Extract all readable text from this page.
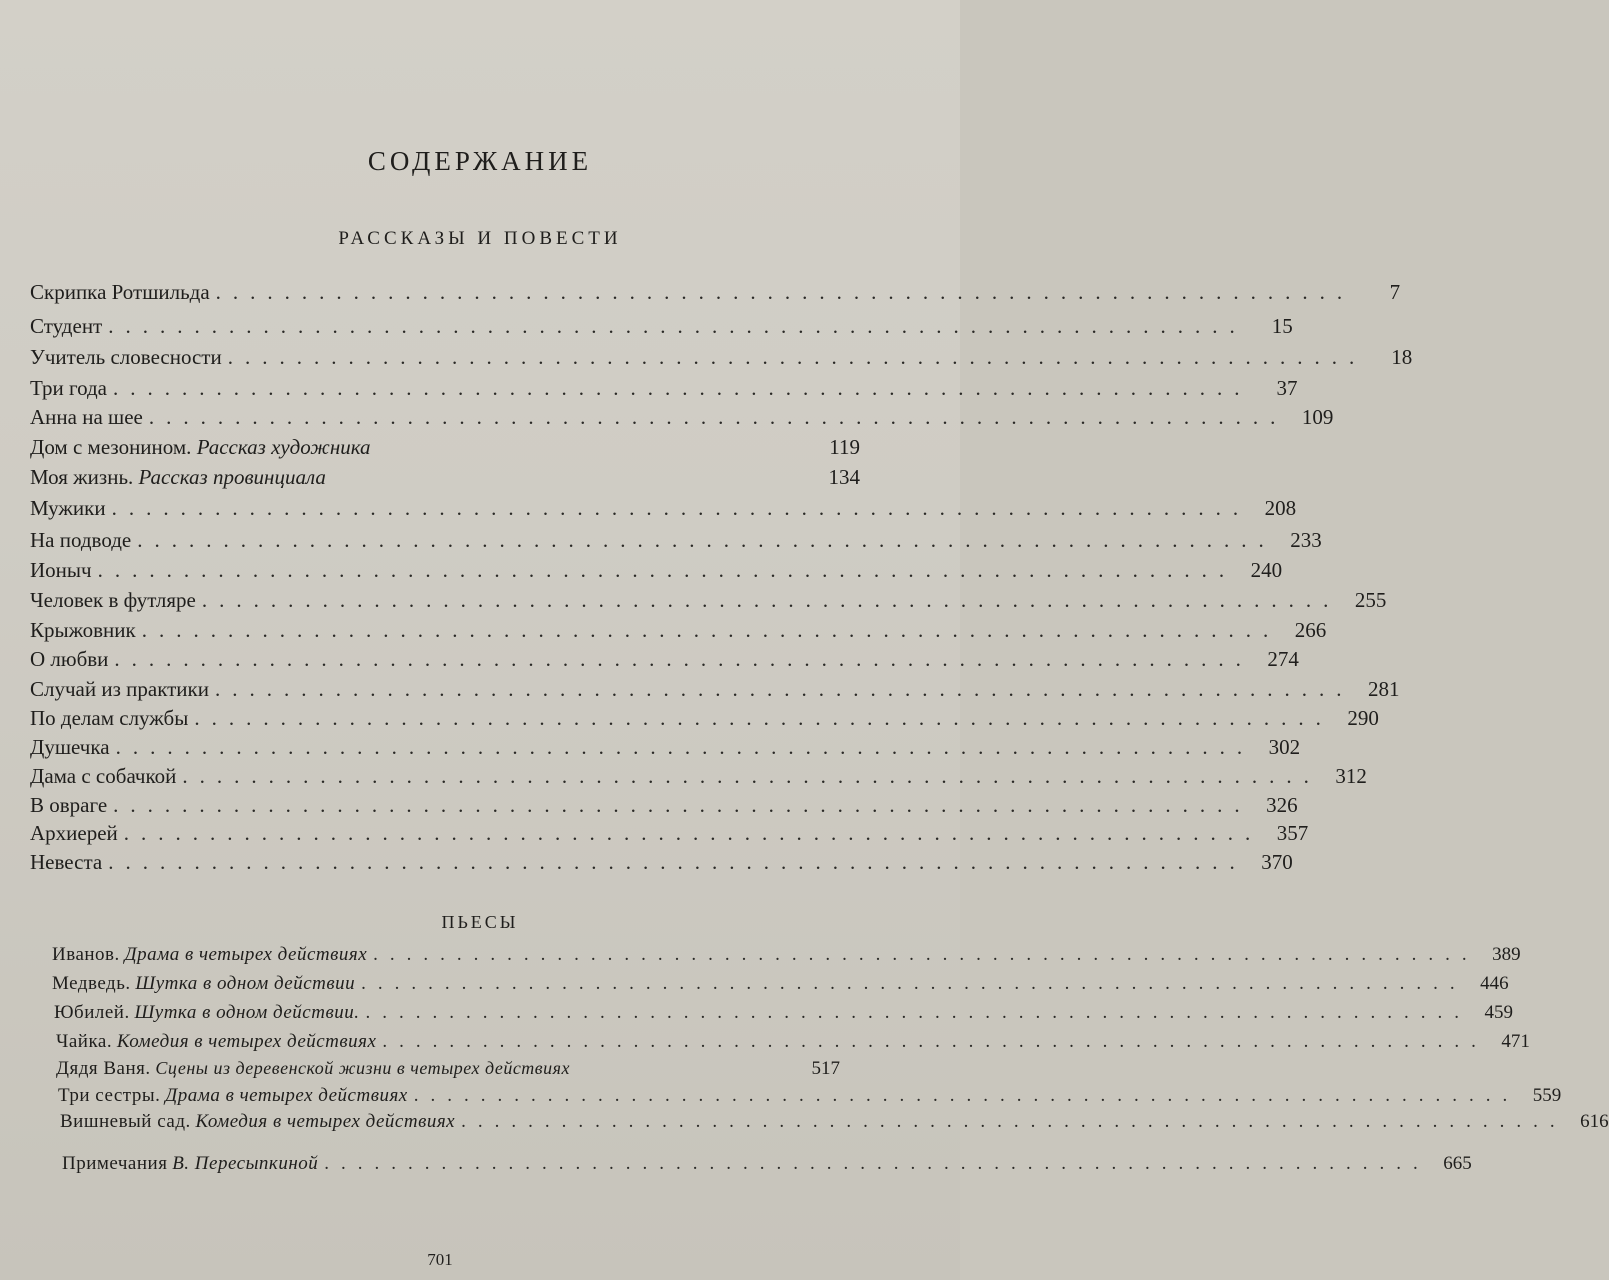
СОДЕРЖАНИЕ
РАССКАЗЫ И ПОВЕСТИ
Скрипка Ротшильда ..................................................................	7
Студент ..................................................................	15
Учитель словесности ..................................................................	18
Три года ..................................................................	37
Анна на шее .................................................................. 109
Дом с мезонином.
Рассказ художника	119
Моя жизнь.
Рассказ провинциала	134
Мужики .................................................................. 208
На подводе .................................................................. 233
Ионыч .................................................................. 240
Человек в футляре .................................................................. 255
Крыжовник .................................................................. 266
О любви .................................................................. 274
Случай из практики .................................................................. 281
По делам службы .................................................................. 290
Душечка .................................................................. 302
Дама с собачкой .................................................................. 312
В овраге .................................................................. 326
Архиерей .................................................................. 357
Невеста .................................................................. 370
ПЬЕСЫ
Иванов.
Драма в четырех действиях .................................................................. 389
Медведь.
Шутка в одном действии .................................................................. 446
Юбилей.
Шутка в одном действии. .................................................................. 459
Чайка.
Комедия в четырех действиях .................................................................. 471
Дядя Ваня.
Сцены из деревенской жизни в четырех действиях	517
Три сестры.
Драма в четырех действиях .................................................................. 559
Вишневый сад.
Комедия в четырех действиях .................................................................. 616
Примечания
В. Пересыпкиной .................................................................. 665
701
